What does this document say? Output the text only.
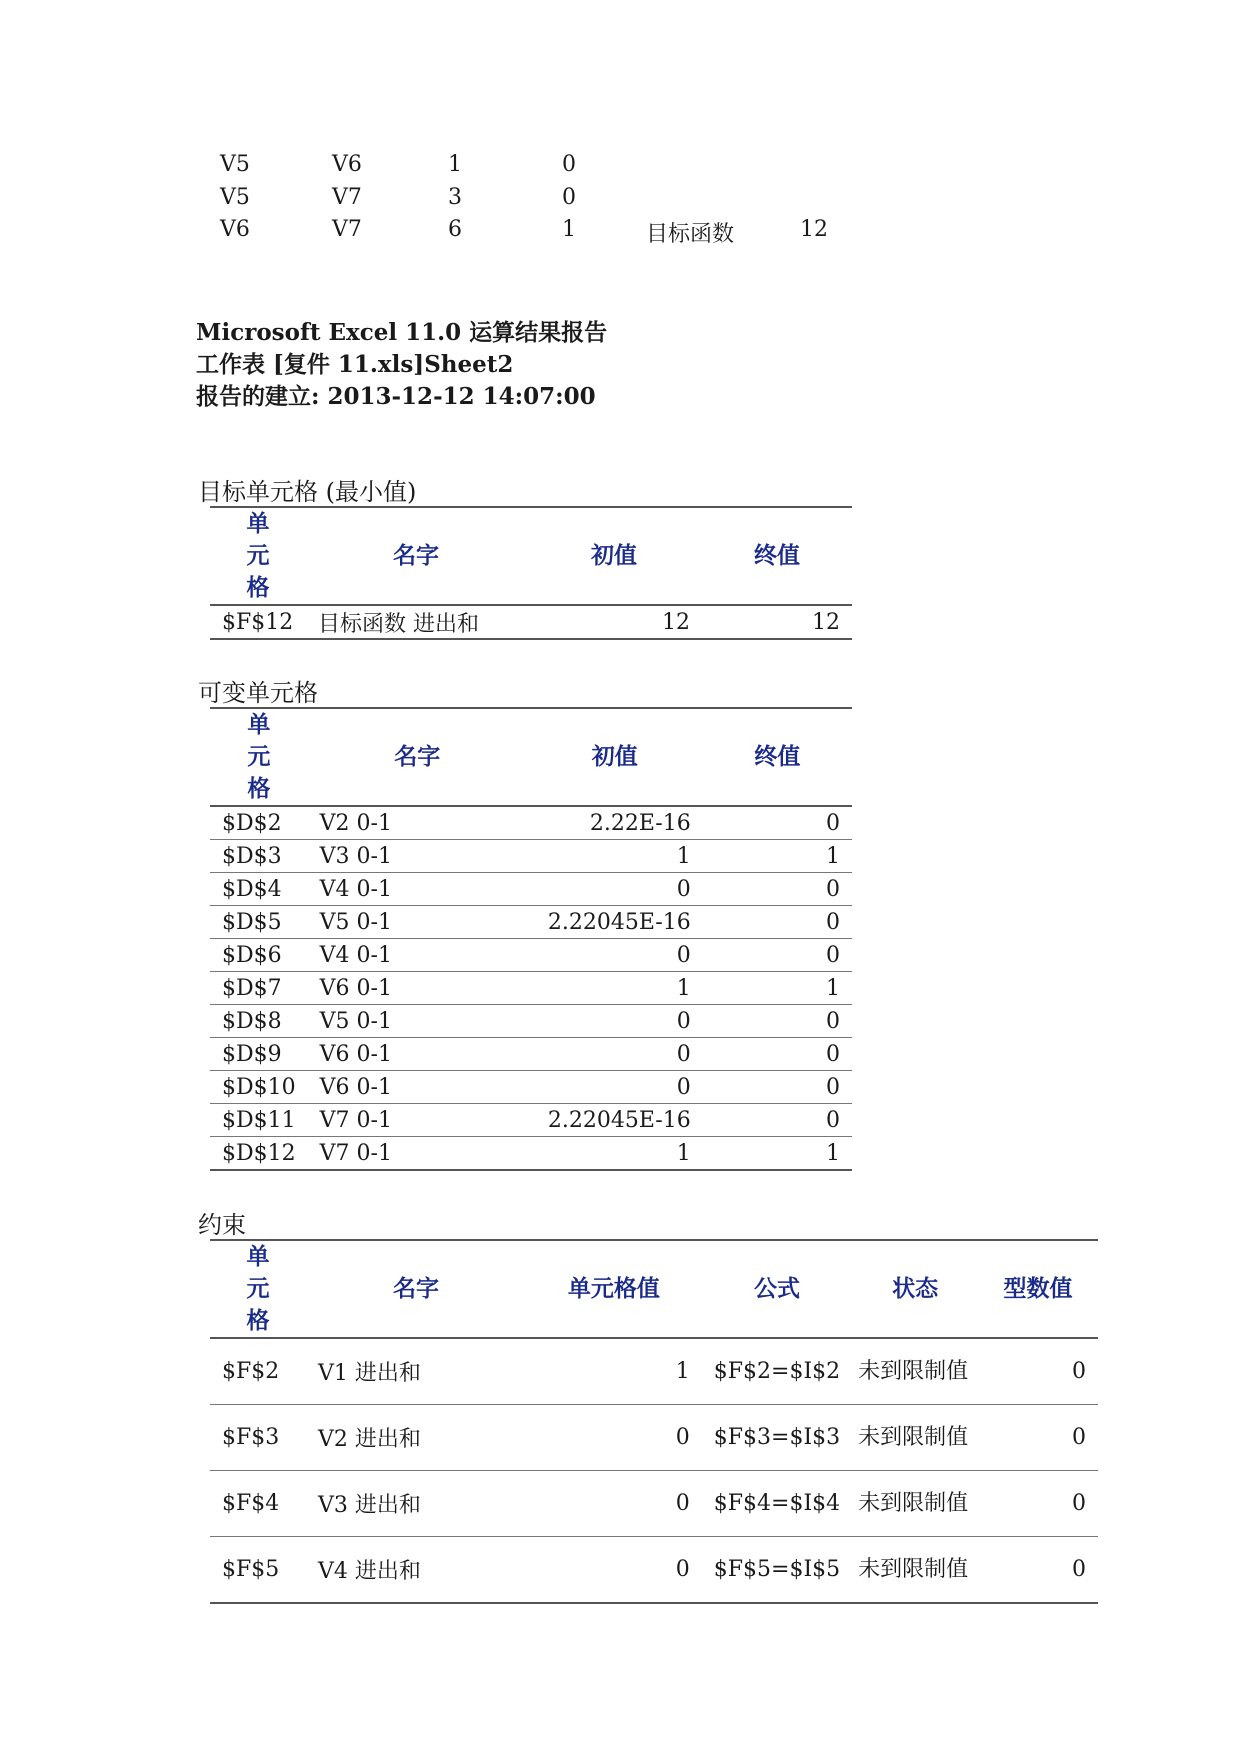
V5	V6	1	0
V5	V7	3	0
V6	V7	6	1	目标函数	12
Microsoft Excel 11.0 运算结果报告
工作表 [复件 11.xls]Sheet2
报告的建立: 2013-12-12 14:07:00
目标单元格 (最小值)
单元格	名字	初值	终值
$F$12	目标函数 进出和	12	12
可变单元格
单元格	名字	初值	终值
$D$2	V2 0-1	2.22E-16	0
$D$3	V3 0-1	1	1
$D$4	V4 0-1	0	0
$D$5	V5 0-1	2.22045E-16	0
$D$6	V4 0-1	0	0
$D$7	V6 0-1	1	1
$D$8	V5 0-1	0	0
$D$9	V6 0-1	0	0
$D$10	V6 0-1	0	0
$D$11	V7 0-1	2.22045E-16	0
$D$12	V7 0-1	1	1
约束
单元格	名字	单元格值	公式	状态	型数值
$F$2	V1 进出和	1	$F$2=$I$2	未到限制值	0
$F$3	V2 进出和	0	$F$3=$I$3	未到限制值	0
$F$4	V3 进出和	0	$F$4=$I$4	未到限制值	0
$F$5	V4 进出和	0	$F$5=$I$5	未到限制值	0
